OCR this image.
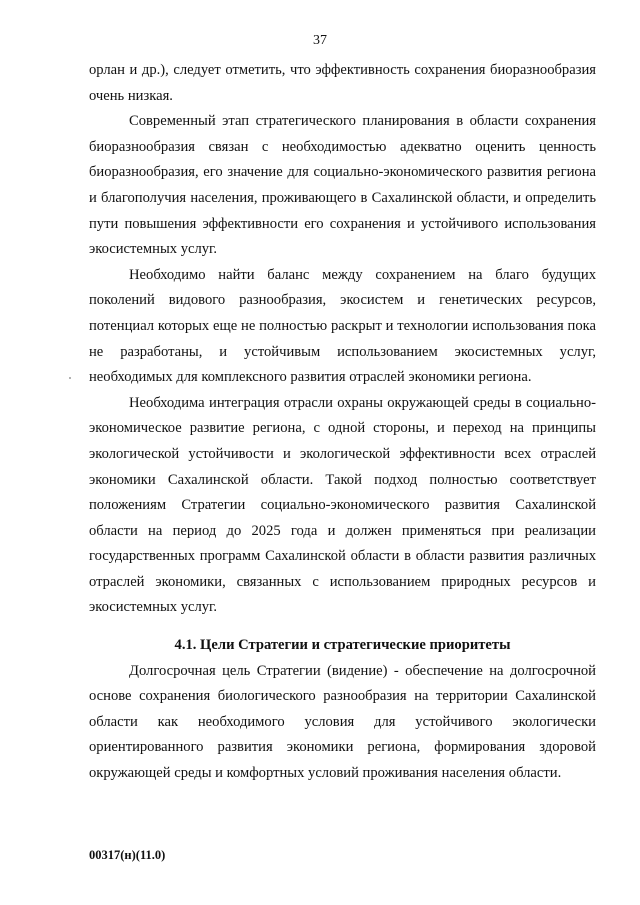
37

орлан и др.), следует отметить, что эффективность сохранения биоразнообразия очень низкая.

Современный этап стратегического планирования в области сохранения биоразнообразия связан с необходимостью адекватно оценить ценность биоразнообразия, его значение для социально-экономического развития региона и благополучия населения, проживающего в Сахалинской области, и определить пути повышения эффективности его сохранения и устойчивого использования экосистемных услуг.

Необходимо найти баланс между сохранением на благо будущих поколений видового разнообразия, экосистем и генетических ресурсов, потенциал которых еще не полностью раскрыт и технологии использования пока не разработаны, и устойчивым использованием экосистемных услуг, необходимых для комплексного развития отраслей экономики региона.

Необходима интеграция отрасли охраны окружающей среды в социально-экономическое развитие региона, с одной стороны, и переход на принципы экологической устойчивости и экологической эффективности всех отраслей экономики Сахалинской области. Такой подход полностью соответствует положениям Стратегии социально-экономического развития Сахалинской области на период до 2025 года и должен применяться при реализации государственных программ Сахалинской области в области развития различных отраслей экономики, связанных с использованием природных ресурсов и экосистемных услуг.

4.1. Цели Стратегии и стратегические приоритеты

Долгосрочная цель Стратегии (видение) - обеспечение на долгосрочной основе сохранения биологического разнообразия на территории Сахалинской области как необходимого условия для устойчивого экологически ориентированного развития экономики региона, формирования здоровой окружающей среды и комфортных условий проживания населения области.

00317(н)(11.0)
